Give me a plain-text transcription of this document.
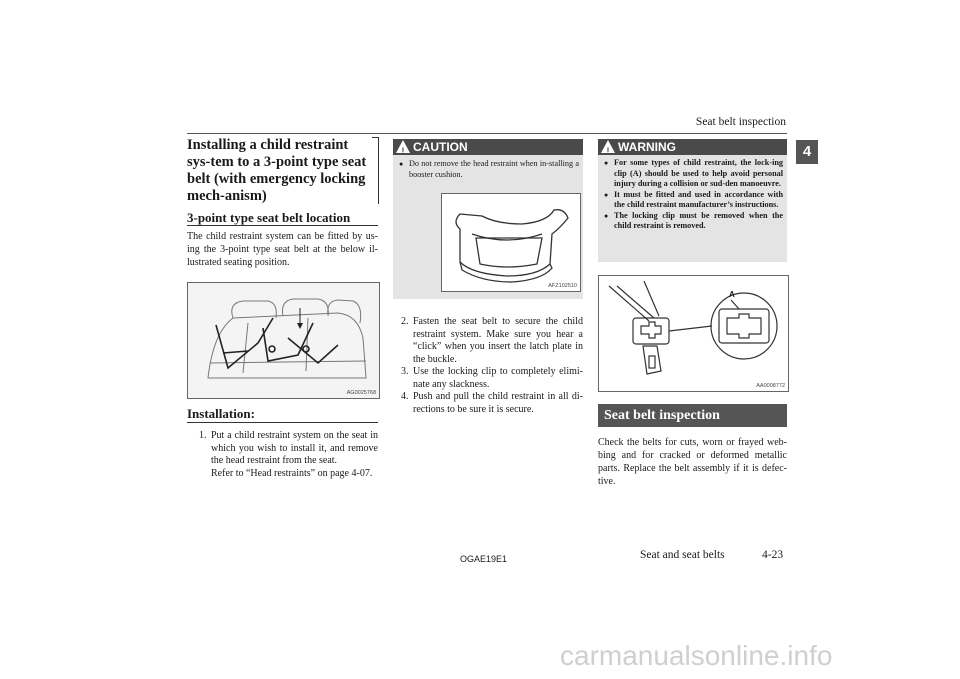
Seat belt inspection
4
Installing a child restraint sys-tem to a 3-point type seat belt (with emergency locking mech-anism)
3-point type seat belt location
The child restraint system can be fitted by us-ing the 3-point type seat belt at the below il-lustrated seating position.
AG0025768
Installation:
1. Put a child restraint system on the seat in which you wish to install it, and remove the head restraint from the seat.
Refer to “Head restraints” on page 4-07.
! CAUTION
● Do not remove the head restraint when in-stalling a booster cushion.
AFZ102510
2. Fasten the seat belt to secure the child restraint system. Make sure you hear a “click” when you insert the latch plate in the buckle.
3. Use the locking clip to completely elimi-nate any slackness.
4. Push and pull the child restraint in all di-rections to be sure it is secure.
! WARNING
● For some types of child restraint, the lock-ing clip (A) should be used to help avoid personal injury during a collision or sud-den manoeuvre.
● It must be fitted and used in accordance with the child restraint manufacturer’s instructions.
● The locking clip must be removed when the child restraint is removed.
A
AA0008772
Seat belt inspection
Check the belts for cuts, worn or frayed web-bing and for cracked or deformed metallic parts. Replace the belt assembly if it is defec-tive.
OGAE19E1	Seat and seat belts	4-23
carmanualsonline.info
